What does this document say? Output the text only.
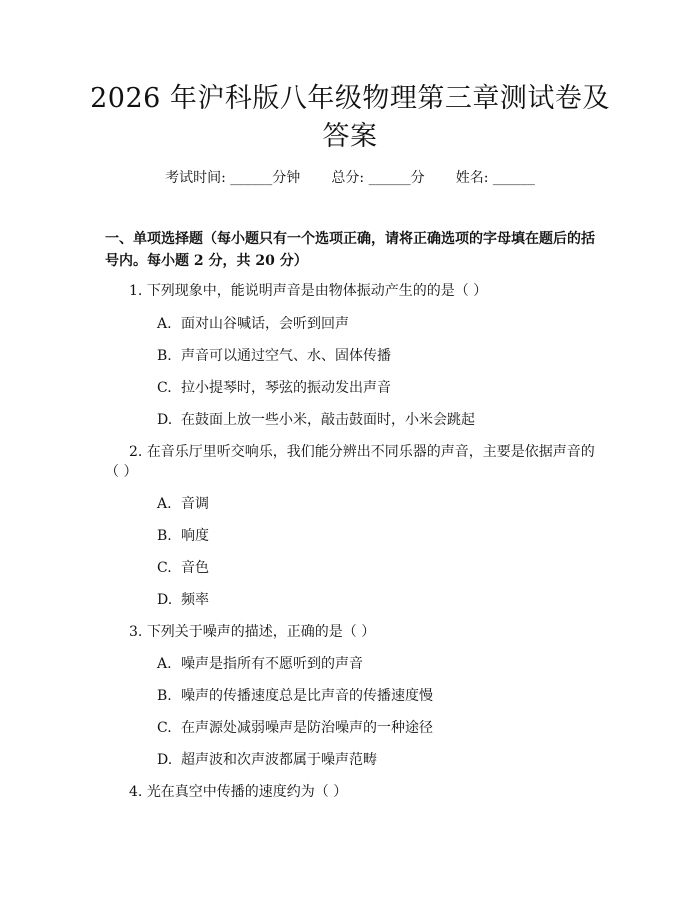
2026 年沪科版八年级物理第三章测试卷及答案
考试时间: ______分钟 总分: ______分 姓名: ______
一、单项选择题（每小题只有一个选项正确，请将正确选项的字母填在题后的括号内。每小题 2 分，共 20 分）
1. 下列现象中，能说明声音是由物体振动产生的的是（ ）
A. 面对山谷喊话，会听到回声
B. 声音可以通过空气、水、固体传播
C. 拉小提琴时，琴弦的振动发出声音
D. 在鼓面上放一些小米，敲击鼓面时，小米会跳起
2. 在音乐厅里听交响乐，我们能分辨出不同乐器的声音，主要是依据声音的（ ）
A. 音调
B. 响度
C. 音色
D. 频率
3. 下列关于噪声的描述，正确的是（ ）
A. 噪声是指所有不愿听到的声音
B. 噪声的传播速度总是比声音的传播速度慢
C. 在声源处减弱噪声是防治噪声的一种途径
D. 超声波和次声波都属于噪声范畴
4. 光在真空中传播的速度约为（ ）
